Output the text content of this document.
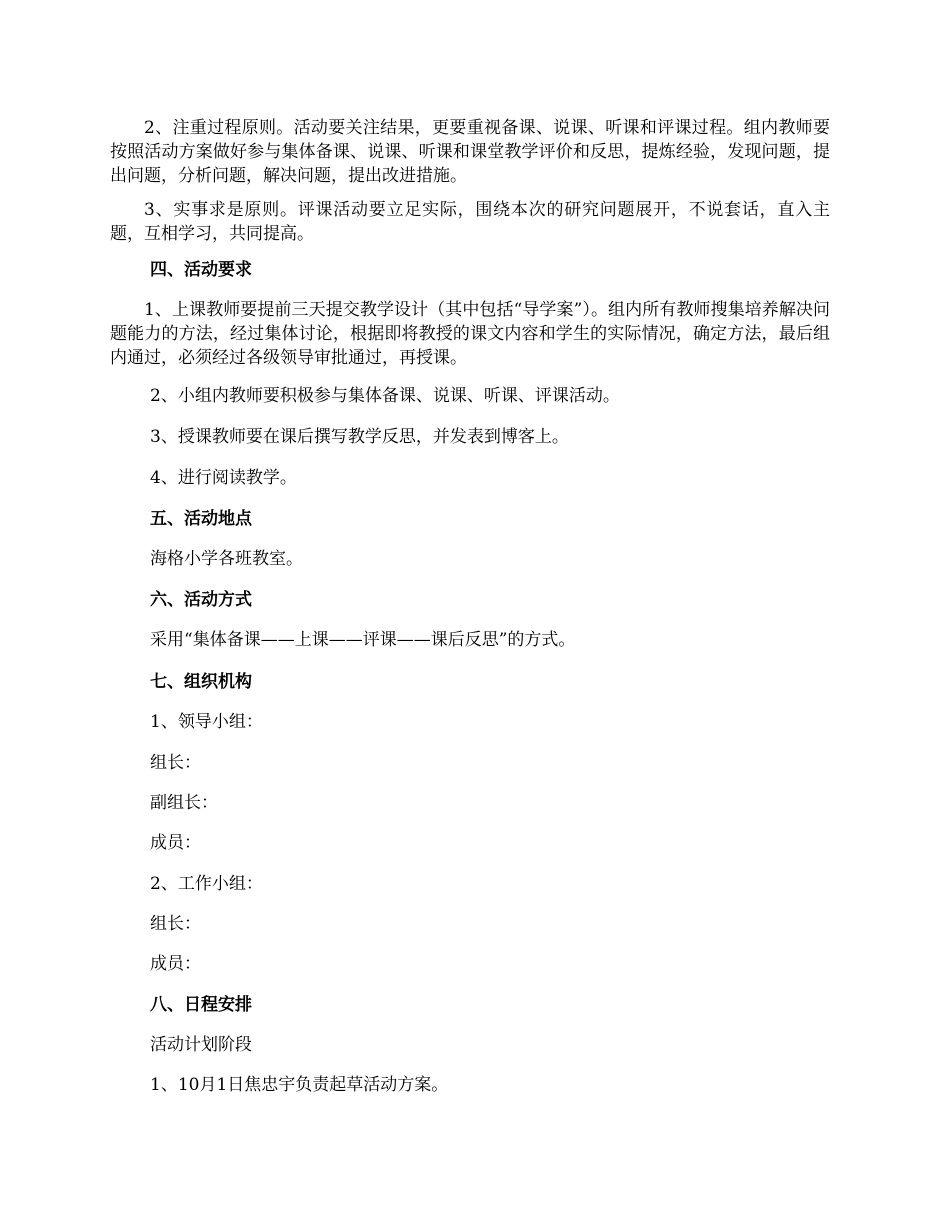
2、注重过程原则。活动要关注结果，更要重视备课、说课、听课和评课过程。组内教师要按照活动方案做好参与集体备课、说课、听课和课堂教学评价和反思，提炼经验，发现问题，提出问题，分析问题，解决问题，提出改进措施。
3、实事求是原则。评课活动要立足实际，围绕本次的研究问题展开，不说套话，直入主题，互相学习，共同提高。
四、活动要求
1、上课教师要提前三天提交教学设计（其中包括“导学案”）。组内所有教师搜集培养解决问题能力的方法，经过集体讨论，根据即将教授的课文内容和学生的实际情况，确定方法，最后组内通过，必须经过各级领导审批通过，再授课。
2、小组内教师要积极参与集体备课、说课、听课、评课活动。
3、授课教师要在课后撰写教学反思，并发表到博客上。
4、进行阅读教学。
五、活动地点
海格小学各班教室。
六、活动方式
采用“集体备课——上课——评课——课后反思”的方式。
七、组织机构
1、领导小组：
组长：
副组长：
成员：
2、工作小组：
组长：
成员：
八、日程安排
活动计划阶段
1、10月1日焦忠宇负责起草活动方案。
